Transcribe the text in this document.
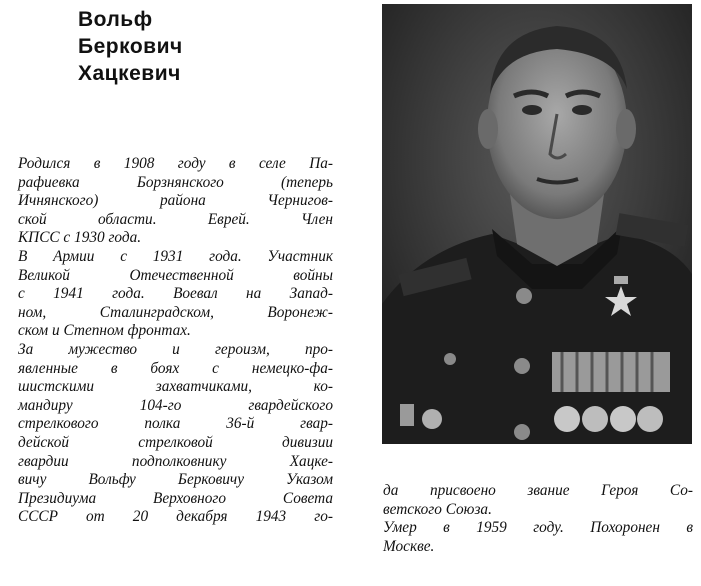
Вольф
Беркович
Хацкевич
Родился в 1908 году в селе Па-
рафиевка Борзнянского (теперь
Ичнянского) района Чернигов-
ской области. Еврей. Член
КПСС с 1930 года.
В Армии с 1931 года. Участник
Великой Отечественной войны
с 1941 года. Воевал на Запад-
ном, Сталинградском, Воронеж-
ском и Степном фронтах.
За мужество и героизм, про-
явленные в боях с немецко-фа-
шистскими захватчиками, ко-
мандиру 104-го гвардейского
стрелкового полка 36-й гвар-
дейской стрелковой дивизии
гвардии подполковнику Хацке-
вичу Вольфу Берковичу Указом
Президиума Верховного Совета
СССР от 20 декабря 1943 го-
да присвоено звание Героя Со-
ветского Союза.
Умер в 1959 году. Похоронен в
Москве.
